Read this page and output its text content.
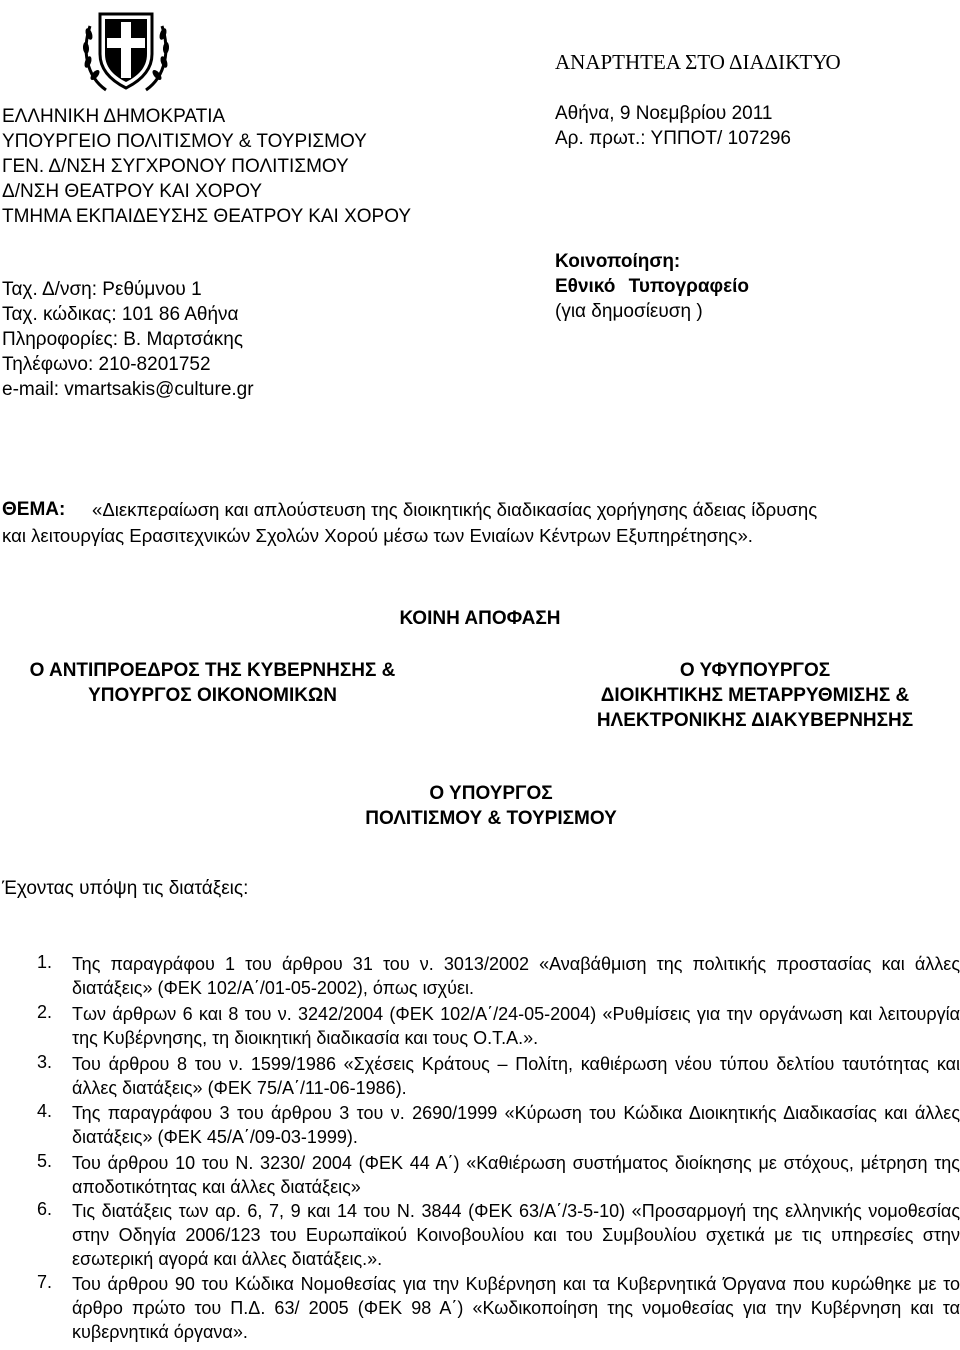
ΑΝΑΡΤΗΤΕΑ ΣΤΟ ΔΙΑΔΙΚΤΥΟ
ΕΛΛΗΝΙΚΗ ΔΗΜΟΚΡΑΤΙΑ
ΥΠΟΥΡΓΕΙΟ ΠΟΛΙΤΙΣΜΟΥ & ΤΟΥΡΙΣΜΟΥ
ΓΕΝ. Δ/ΝΣΗ ΣΥΓΧΡΟΝΟΥ ΠΟΛΙΤΙΣΜΟΥ
Δ/ΝΣΗ ΘΕΑΤΡΟΥ ΚΑΙ ΧΟΡΟΥ
ΤΜΗΜΑ ΕΚΠΑΙΔΕΥΣΗΣ ΘΕΑΤΡΟΥ ΚΑΙ ΧΟΡΟΥ
Αθήνα, 9 Νοεμβρίου 2011
Αρ. πρωτ.: ΥΠΠΟΤ/ 107296
Ταχ. Δ/νση: Ρεθύμνου 1
Ταχ. κώδικας: 101 86 Αθήνα
Πληροφορίες: Β. Μαρτσάκης
Τηλέφωνο: 210-8201752
e-mail: vmartsakis@culture.gr
Κοινοποίηση:
Εθνικό Τυπογραφείο
(για δημοσίευση )
ΘΕΜΑ: «Διεκπεραίωση και απλούστευση της διοικητικής διαδικασίας χορήγησης άδειας ίδρυσης
και λειτουργίας Ερασιτεχνικών Σχολών Χορού μέσω των Ενιαίων Κέντρων Εξυπηρέτησης».
ΚΟΙΝΗ ΑΠΟΦΑΣΗ
Ο ΑΝΤΙΠΡΟΕΔΡΟΣ ΤΗΣ ΚΥΒΕΡΝΗΣΗΣ &
ΥΠΟΥΡΓΟΣ ΟΙΚΟΝΟΜΙΚΩΝ
Ο ΥΦΥΠΟΥΡΓΟΣ
ΔΙΟΙΚΗΤΙΚΗΣ ΜΕΤΑΡΡΥΘΜΙΣΗΣ &
ΗΛΕΚΤΡΟΝΙΚΗΣ ΔΙΑΚΥΒΕΡΝΗΣΗΣ
Ο ΥΠΟΥΡΓΟΣ
ΠΟΛΙΤΙΣΜΟΥ & ΤΟΥΡΙΣΜΟΥ
Έχοντας υπόψη τις διατάξεις:
1. Της παραγράφου 1 του άρθρου 31 του ν. 3013/2002 «Αναβάθμιση της πολιτικής προστασίας και άλλες διατάξεις» (ΦΕΚ 102/Α΄/01-05-2002), όπως ισχύει.
2. Των άρθρων 6 και 8 του ν. 3242/2004 (ΦΕΚ 102/Α΄/24-05-2004) «Ρυθμίσεις για την οργάνωση και λειτουργία της Κυβέρνησης, τη διοικητική διαδικασία και τους Ο.Τ.Α.».
3. Του άρθρου 8 του ν. 1599/1986 «Σχέσεις Κράτους – Πολίτη, καθιέρωση νέου τύπου δελτίου ταυτότητας και άλλες διατάξεις» (ΦΕΚ 75/Α΄/11-06-1986).
4. Της παραγράφου 3 του άρθρου 3 του ν. 2690/1999 «Κύρωση του Κώδικα Διοικητικής Διαδικασίας και άλλες διατάξεις» (ΦΕΚ 45/Α΄/09-03-1999).
5. Του άρθρου 10 του Ν. 3230/ 2004 (ΦΕΚ 44 Α΄) «Καθιέρωση συστήματος διοίκησης με στόχους, μέτρηση της αποδοτικότητας και άλλες διατάξεις»
6. Τις διατάξεις των αρ. 6, 7, 9 και 14 του Ν. 3844 (ΦΕΚ 63/Α΄/3-5-10) «Προσαρμογή της ελληνικής νομοθεσίας στην Οδηγία 2006/123 του Ευρωπαϊκού Κοινοβουλίου και του Συμβουλίου σχετικά με τις υπηρεσίες στην εσωτερική αγορά και άλλες διατάξεις.».
7. Του άρθρου 90 του Κώδικα Νομοθεσίας για την Κυβέρνηση και τα Κυβερνητικά Όργανα που κυρώθηκε με το άρθρο πρώτο του Π.Δ. 63/ 2005 (ΦΕΚ 98 Α΄) «Κωδικοποίηση της νομοθεσίας για την Κυβέρνηση και τα κυβερνητικά όργανα».
